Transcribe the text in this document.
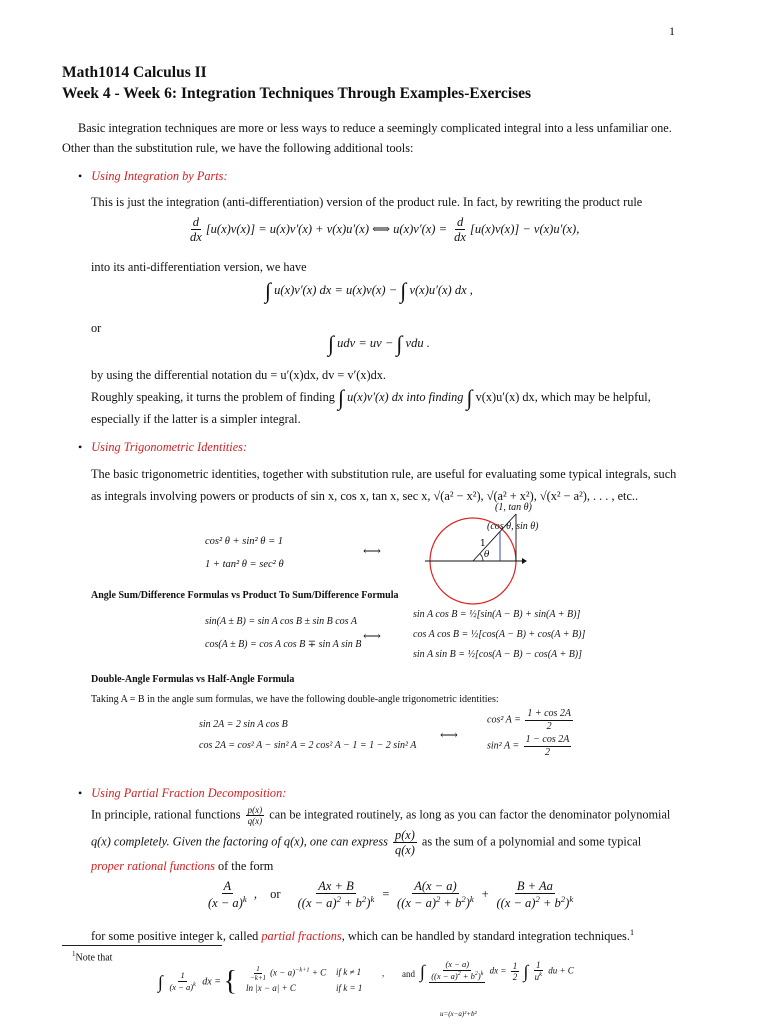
1
Math1014 Calculus II
Week 4 - Week 6: Integration Techniques Through Examples-Exercises
Basic integration techniques are more or less ways to reduce a seemingly complicated integral into a less unfamiliar one.
Other than the substitution rule, we have the following additional tools:
• Using Integration by Parts:
This is just the integration (anti-differentiation) version of the product rule. In fact, by rewriting the product rule
$\frac{d}{dx} [u(x)v(x)] = u(x)v'(x) + v(x)u'(x)$ ⟺ $u(x)v'(x) = \frac{d}{dx} [u(x)v(x)] - v(x)u'(x)$,
into its anti-differentiation version, we have
∫ u(x)v′(x) dx = u(x)v(x) − ∫ v(x)u′(x) dx ,
or
∫ udv = uv − ∫ vdu .
by using the differential notation du = u′(x)dx, dv = v′(x)dx.
Roughly speaking, it turns the problem of finding ∫ u(x)v′(x) dx into finding ∫ v(x)u′(x) dx, which may be helpful,
especially if the latter is a simpler integral.
• Using Trigonometric Identities:
The basic trigonometric identities, together with substitution rule, are useful for evaluating some typical integrals, such
as integrals involving powers or products of sin x, cos x, tan x, sec x, √(a² − x²), √(a² + x²), √(x² − a²), . . . , etc..
cos² θ + sin² θ = 1
1 + tan² θ = sec² θ
⟷	θ
1
(1, tan θ)
(cos θ, sin θ)
Angle Sum/Difference Formulas vs Product To Sum/Difference Formula
sin(A ± B) = sin A cos B ± sin B cos A
cos(A ± B) = cos A cos B ∓ sin A sin B
⟷
sin A cos B = ½[sin(A − B) + sin(A + B)]
cos A cos B = ½[cos(A − B) + cos(A + B)]
sin A sin B = ½[cos(A − B) − cos(A + B)]
Double-Angle Formulas vs Half-Angle Formula
Taking A = B in the angle sum formulas, we have the following double-angle trigonometric identities:
sin 2A = 2 sin A cos B
cos 2A = cos² A − sin² A = 2 cos² A − 1 = 1 − 2 sin² A
⟷
cos² $A = \frac{1 + \cos 2A}{2}$
sin² $A = \frac{1 - \cos 2A}{2}$
• Using Partial Fraction Decomposition:
In principle, rational functions $\frac{p(x)}{q(x)}$ can be integrated routinely, as long as you can factor the denominator polynomial
q(x) completely. Given the factoring of q(x), one can express $\frac{p(x)}{q(x)}$ as the sum of a polynomial and some typical
proper rational functions of the form
$\frac{A}{(x - a)^k}$ , or $\frac{Ax + B}{((x - a)^2 + b^2)^k} = \frac{A(x - a)}{((x - a)^2 + b^2)^k} + \frac{B + Aa}{((x - a)^2 + b^2)^k}$
for some positive integer k, called partial fractions, which can be handled by standard integration techniques.$^1$
$^1$Note that
∫ $\frac{1}{(x - a)^k}$ dx = { $\frac{1}{-k+1} (x - a)^{-k+1} + C$
ln |x − a| + C
if k ≠ 1
if k = 1
, and ∫ $\frac{(x - a)}{((x - a)^2 + b^2)^k}$ dx = $\frac{1}{2}$ ∫ $\frac{1}{u^k}$ du + C
u=(x−a)²+b²
